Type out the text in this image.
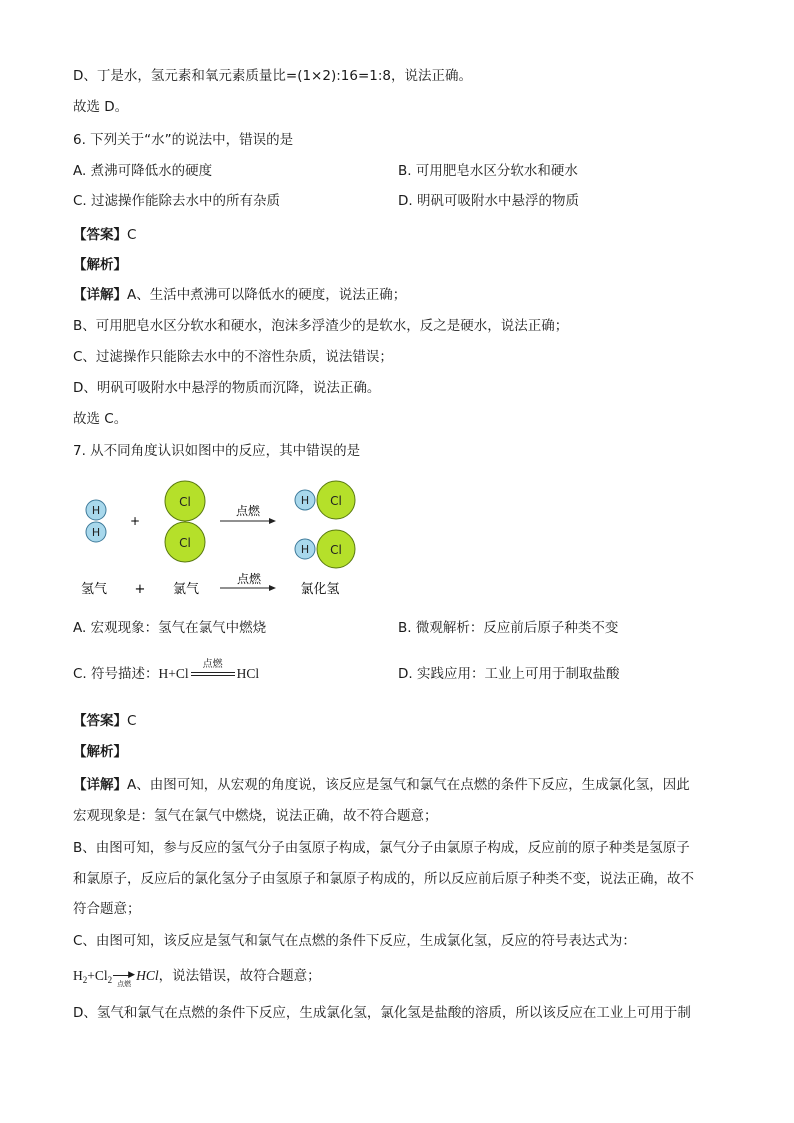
D、丁是水，氢元素和氧元素质量比=(1×2):16=1:8，说法正确。
故选 D。
6. 下列关于“水”的说法中，错误的是
A. 煮沸可降低水的硬度	B. 可用肥皂水区分软水和硬水
C. 过滤操作能除去水中的所有杂质	D. 明矾可吸附水中悬浮的物质
【答案】C
【解析】
【详解】A、生活中煮沸可以降低水的硬度，说法正确；
B、可用肥皂水区分软水和硬水，泡沫多浮渣少的是软水，反之是硬水，说法正确；
C、过滤操作只能除去水中的不溶性杂质，说法错误；
D、明矾可吸附水中悬浮的物质而沉降，说法正确。
故选 C。
7. 从不同角度认识如图中的反应，其中错误的是
H
H
+
Cl
Cl
点燃
H Cl
H Cl
氢气 + 氯气
点燃
氯化氢
A. 宏观现象：氢气在氯气中燃烧	B. 微观解析：反应前后原子种类不变
C. 符号描述：H+Cl
点燃
HCl	D. 实践应用：工业上可用于制取盐酸
【答案】C
【解析】
【详解】A、由图可知，从宏观的角度说，该反应是氢气和氯气在点燃的条件下反应，生成氯化氢，因此
宏观现象是：氢气在氯气中燃烧，说法正确，故不符合题意；
B、由图可知，参与反应的氢气分子由氢原子构成，氯气分子由氯原子构成，反应前的原子种类是氢原子
和氯原子，反应后的氯化氢分子由氢原子和氯原子构成的，所以反应前后原子种类不变，说法正确，故不
符合题意；
C、由图可知，该反应是氢气和氯气在点燃的条件下反应，生成氯化氢，反应的符号表达式为：
$H_2+Cl_2$ ▶
点燃
HCl，说法错误，故符合题意；
D、氢气和氯气在点燃的条件下反应，生成氯化氢，氯化氢是盐酸的溶质，所以该反应在工业上可用于制
